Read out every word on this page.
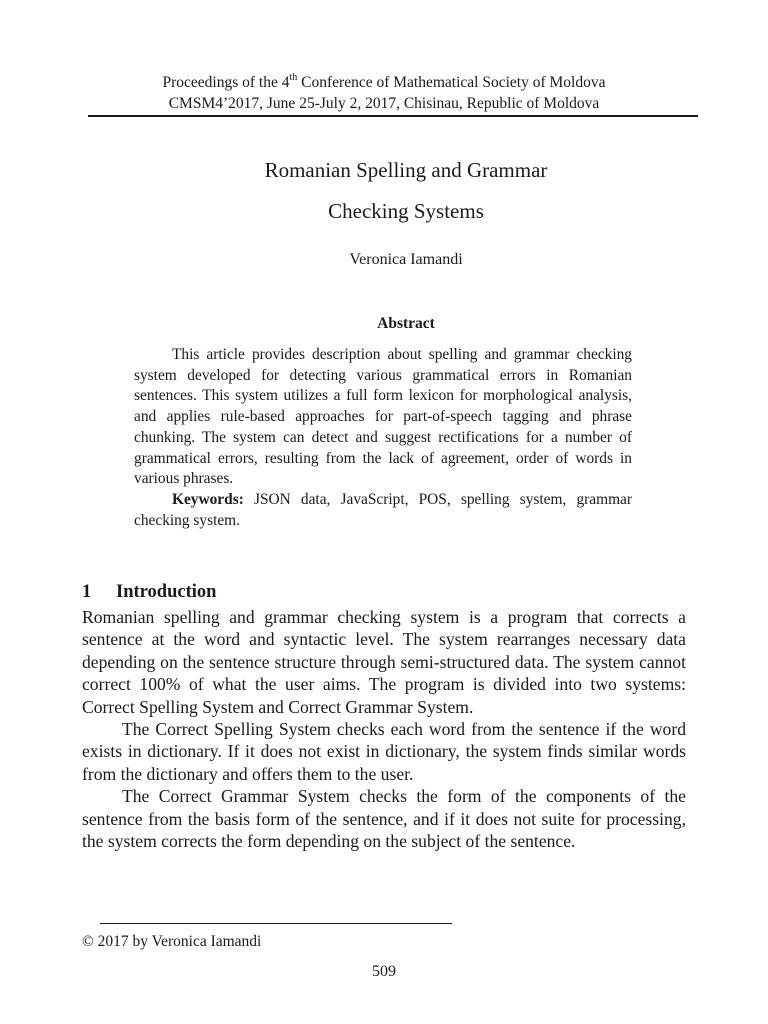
Proceedings of the 4th Conference of Mathematical Society of Moldova
CMSM4’2017, June 25-July 2, 2017, Chisinau, Republic of Moldova
Romanian Spelling and Grammar
Checking Systems
Veronica Iamandi
Abstract

This article provides description about spelling and grammar checking system developed for detecting various grammatical errors in Romanian sentences. This system utilizes a full form lexicon for morphological analysis, and applies rule-based approaches for part-of-speech tagging and phrase chunking. The system can detect and suggest rectifications for a number of grammatical errors, resulting from the lack of agreement, order of words in various phrases.

Keywords: JSON data, JavaScript, POS, spelling system, grammar checking system.

1 Introduction

Romanian spelling and grammar checking system is a program that corrects a sentence at the word and syntactic level. The system rearranges necessary data depending on the sentence structure through semi-structured data. The system cannot correct 100% of what the user aims. The program is divided into two systems: Correct Spelling System and Correct Grammar System.

The Correct Spelling System checks each word from the sentence if the word exists in dictionary. If it does not exist in dictionary, the system finds similar words from the dictionary and offers them to the user.

The Correct Grammar System checks the form of the components of the sentence from the basis form of the sentence, and if it does not suite for processing, the system corrects the form depending on the subject of the sentence.

© 2017 by Veronica Iamandi
509
